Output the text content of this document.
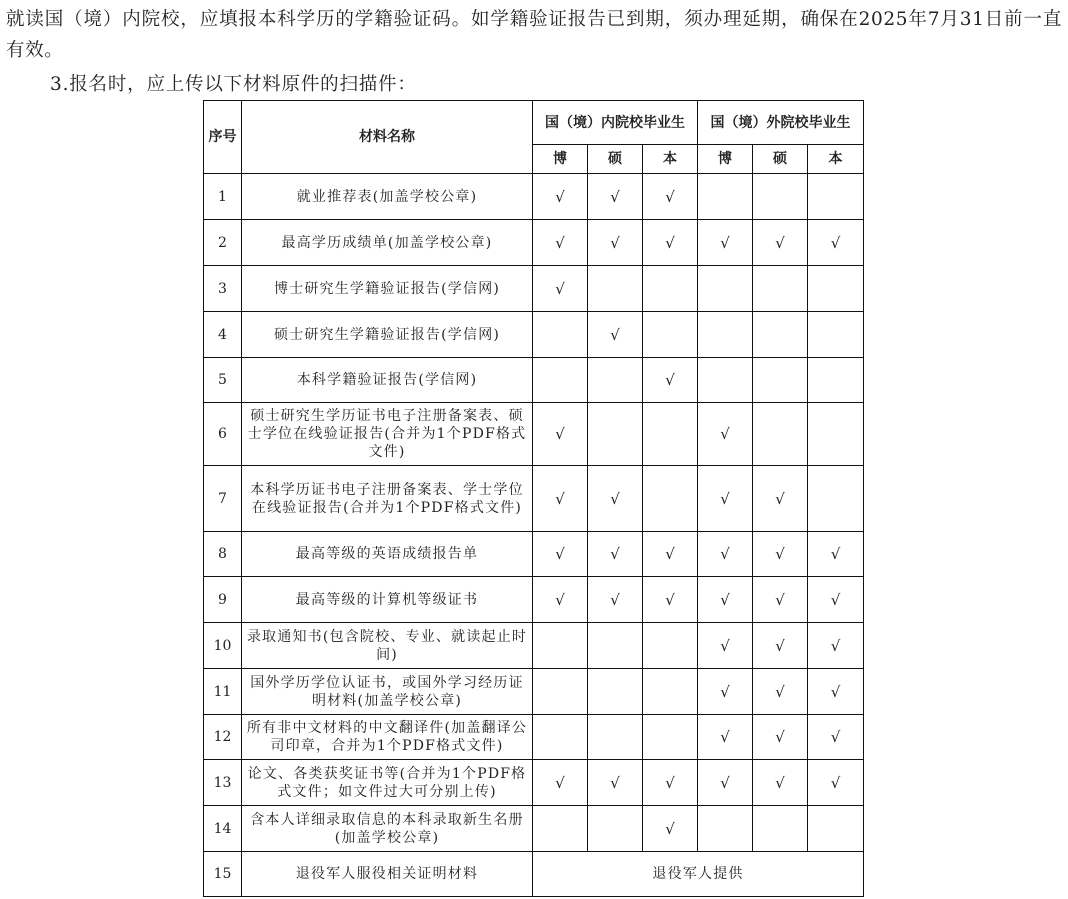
就读国（境）内院校，应填报本科学历的学籍验证码。如学籍验证报告已到期，须办理延期，确保在2025年7月31日前一直有效。
3.报名时，应上传以下材料原件的扫描件：
序号	材料名称	国（境）内院校毕业生			国（境）外院校毕业生		
		博	硕	本	博	硕	本
1	就业推荐表(加盖学校公章)	√	√	√			
2	最高学历成绩单(加盖学校公章)	√	√	√	√	√	√
3	博士研究生学籍验证报告(学信网)	√					
4	硕士研究生学籍验证报告(学信网)		√				
5	本科学籍验证报告(学信网)			√			
6	硕士研究生学历证书电子注册备案表、硕士学位在线验证报告(合并为1个PDF格式文件)	√			√		
7	本科学历证书电子注册备案表、学士学位在线验证报告(合并为1个PDF格式文件)	√	√		√	√	
8	最高等级的英语成绩报告单	√	√	√	√	√	√
9	最高等级的计算机等级证书	√	√	√	√	√	√
10	录取通知书(包含院校、专业、就读起止时间)				√	√	√
11	国外学历学位认证书，或国外学习经历证明材料(加盖学校公章)				√	√	√
12	所有非中文材料的中文翻译件(加盖翻译公司印章，合并为1个PDF格式文件)				√	√	√
13	论文、各类获奖证书等(合并为1个PDF格式文件；如文件过大可分别上传)	√	√	√	√	√	√
14	含本人详细录取信息的本科录取新生名册(加盖学校公章)			√			
15	退役军人服役相关证明材料	退役军人提供					
